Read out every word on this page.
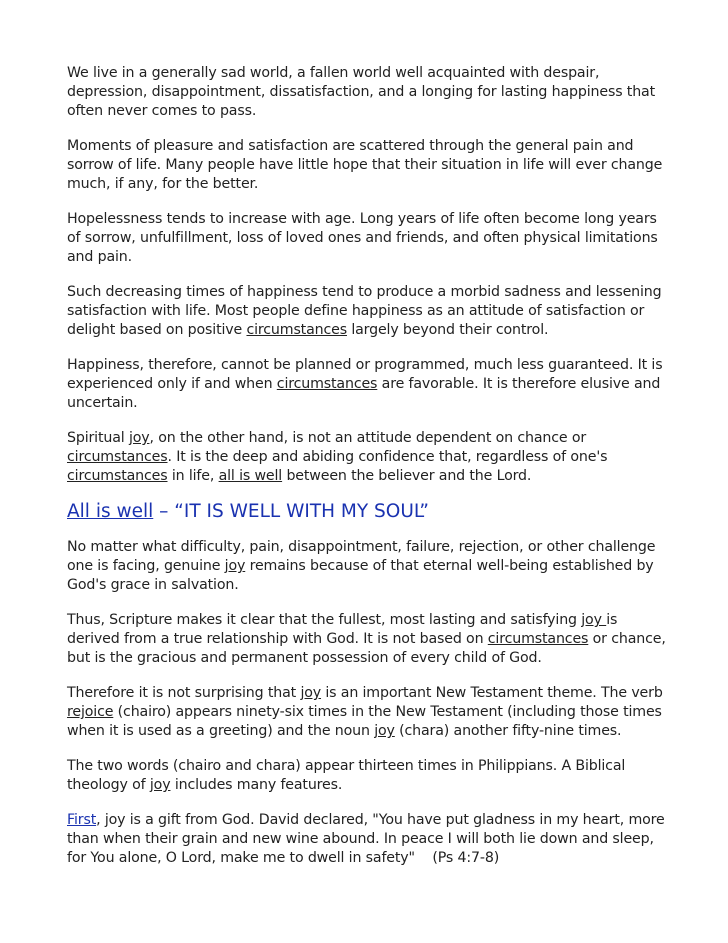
We live in a generally sad world, a fallen world well acquainted with despair, depression, disappointment, dissatisfaction, and a longing for lasting happiness that often never comes to pass.

Moments of pleasure and satisfaction are scattered through the general pain and sorrow of life. Many people have little hope that their situation in life will ever change much, if any, for the better.

Hopelessness tends to increase with age. Long years of life often become long years of sorrow, unfulfillment, loss of loved ones and friends, and often physical limitations and pain.

Such decreasing times of happiness tend to produce a morbid sadness and lessening satisfaction with life. Most people define happiness as an attitude of satisfaction or delight based on positive circumstances largely beyond their control.

Happiness, therefore, cannot be planned or programmed, much less guaranteed. It is experienced only if and when circumstances are favorable. It is therefore elusive and uncertain.

Spiritual joy, on the other hand, is not an attitude dependent on chance or circumstances. It is the deep and abiding confidence that, regardless of one's circumstances in life, all is well between the believer and the Lord.

All is well – “IT IS WELL WITH MY SOUL”

No matter what difficulty, pain, disappointment, failure, rejection, or other challenge one is facing, genuine joy remains because of that eternal well-being established by God's grace in salvation.

Thus, Scripture makes it clear that the fullest, most lasting and satisfying joy is derived from a true relationship with God. It is not based on circumstances or chance, but is the gracious and permanent possession of every child of God.

Therefore it is not surprising that joy is an important New Testament theme. The verb rejoice (chairo) appears ninety-six times in the New Testament (including those times when it is used as a greeting) and the noun joy (chara) another fifty-nine times.

The two words (chairo and chara) appear thirteen times in Philippians. A Biblical theology of joy includes many features.

First, joy is a gift from God. David declared, "You have put gladness in my heart, more than when their grain and new wine abound. In peace I will both lie down and sleep, for You alone, O Lord, make me to dwell in safety"    (Ps 4:7-8)
